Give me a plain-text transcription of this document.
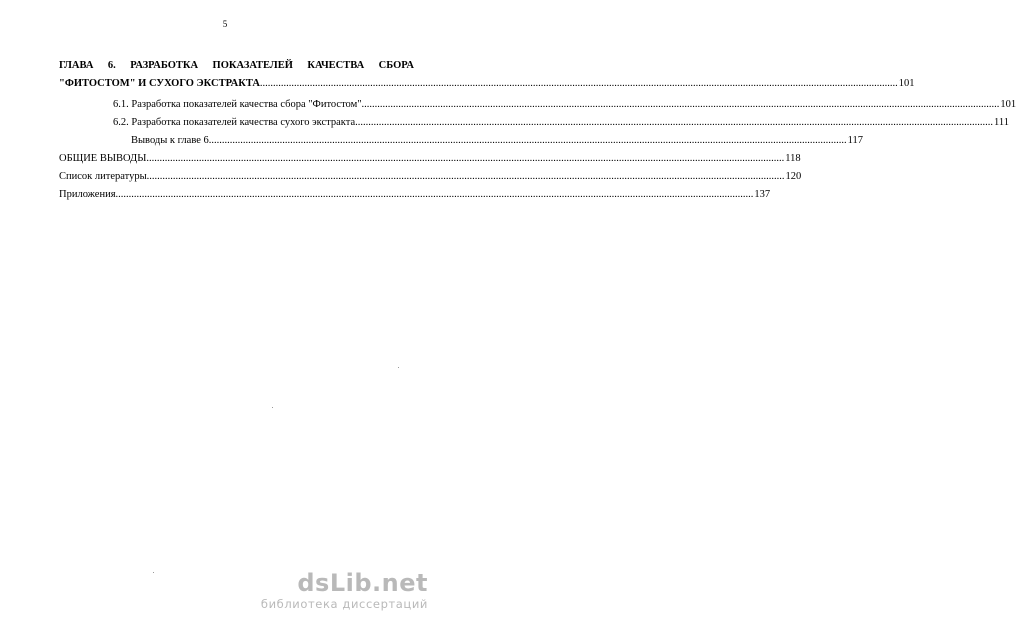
5
ГЛАВА 6. РАЗРАБОТКА ПОКАЗАТЕЛЕЙ КАЧЕСТВА СБОРА
"ФИТОСТОМ" И СУХОГО ЭКСТРАКТА .....	101
6.1. Разработка показателей качества сбора "Фитостом" .....	101
6.2. Разработка показателей качества сухого экстракта .....	111
Выводы к главе 6 .....	117
ОБЩИЕ ВЫВОДЫ .....	118
Список литературы .....	120
Приложения .....	137
dsLib.net
библиотека диссертаций
